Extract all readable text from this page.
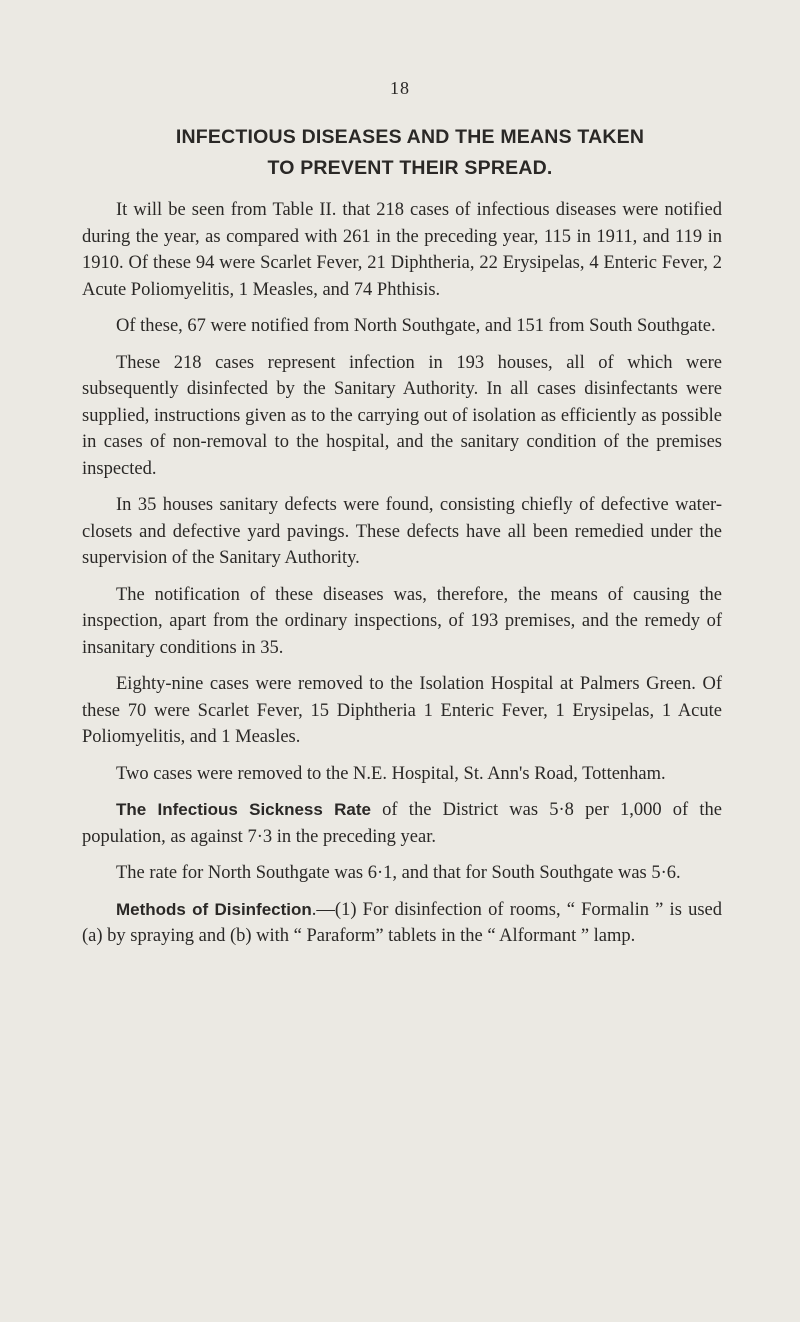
18
INFECTIOUS DISEASES AND THE MEANS TAKEN
TO PREVENT THEIR SPREAD.

It will be seen from Table II. that 218 cases of infectious diseases were notified during the year, as compared with 261 in the preceding year, 115 in 1911, and 119 in 1910. Of these 94 were Scarlet Fever, 21 Diphtheria, 22 Erysipelas, 4 Enteric Fever, 2 Acute Poliomyelitis, 1 Measles, and 74 Phthisis.

Of these, 67 were notified from North Southgate, and 151 from South Southgate.

These 218 cases represent infection in 193 houses, all of which were subsequently disinfected by the Sanitary Authority. In all cases disinfectants were supplied, instructions given as to the carrying out of isolation as efficiently as possible in cases of non-removal to the hospital, and the sanitary condition of the premises inspected.

In 35 houses sanitary defects were found, consisting chiefly of defective water-closets and defective yard pavings. These defects have all been remedied under the supervision of the Sanitary Authority.

The notification of these diseases was, therefore, the means of causing the inspection, apart from the ordinary inspections, of 193 premises, and the remedy of insanitary conditions in 35.

Eighty-nine cases were removed to the Isolation Hospital at Palmers Green. Of these 70 were Scarlet Fever, 15 Diphtheria 1 Enteric Fever, 1 Erysipelas, 1 Acute Poliomyelitis, and 1 Measles.

Two cases were removed to the N.E. Hospital, St. Ann's Road, Tottenham.

The Infectious Sickness Rate of the District was 5·8 per 1,000 of the population, as against 7·3 in the preceding year.

The rate for North Southgate was 6·1, and that for South Southgate was 5·6.

Methods of Disinfection.—(1) For disinfection of rooms, “ Formalin ” is used (a) by spraying and (b) with “ Paraform” tablets in the “ Alformant ” lamp.
